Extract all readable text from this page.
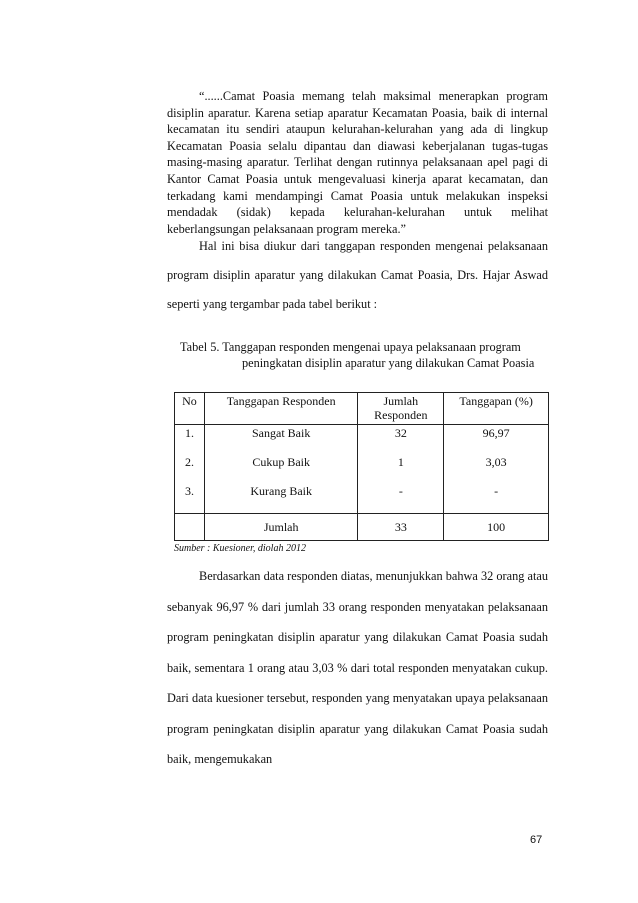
“......Camat Poasia memang telah maksimal menerapkan program disiplin aparatur. Karena setiap aparatur Kecamatan Poasia, baik di internal kecamatan itu sendiri ataupun kelurahan-kelurahan yang ada di lingkup Kecamatan Poasia selalu dipantau dan diawasi keberjalanan tugas-tugas masing-masing aparatur. Terlihat dengan rutinnya pelaksanaan apel pagi di Kantor Camat Poasia untuk mengevaluasi kinerja aparat kecamatan, dan terkadang kami mendampingi Camat Poasia untuk melakukan inspeksi mendadak (sidak) kepada kelurahan-kelurahan untuk melihat keberlangsungan pelaksanaan program mereka.”

Hal ini bisa diukur dari tanggapan responden mengenai pelaksanaan program disiplin aparatur yang dilakukan Camat Poasia, Drs. Hajar Aswad seperti yang tergambar pada tabel berikut :

Tabel 5. Tanggapan responden mengenai upaya pelaksanaan program
peningkatan disiplin aparatur yang dilakukan Camat Poasia
No	Tanggapan Responden	Jumlah Responden	Tanggapan (%)
1.	Sangat Baik	32	96,97
2.	Cukup Baik	1	3,03
3.	Kurang Baik	-	-
	Jumlah	33	100
Sumber : Kuesioner, diolah 2012

Berdasarkan data responden diatas, menunjukkan bahwa 32 orang atau sebanyak 96,97 % dari jumlah 33 orang responden menyatakan pelaksanaan program peningkatan disiplin aparatur yang dilakukan Camat Poasia sudah baik, sementara 1 orang atau 3,03 % dari total responden menyatakan cukup. Dari data kuesioner tersebut, responden yang menyatakan upaya pelaksanaan program peningkatan disiplin aparatur yang dilakukan Camat Poasia sudah baik, mengemukakan

67
